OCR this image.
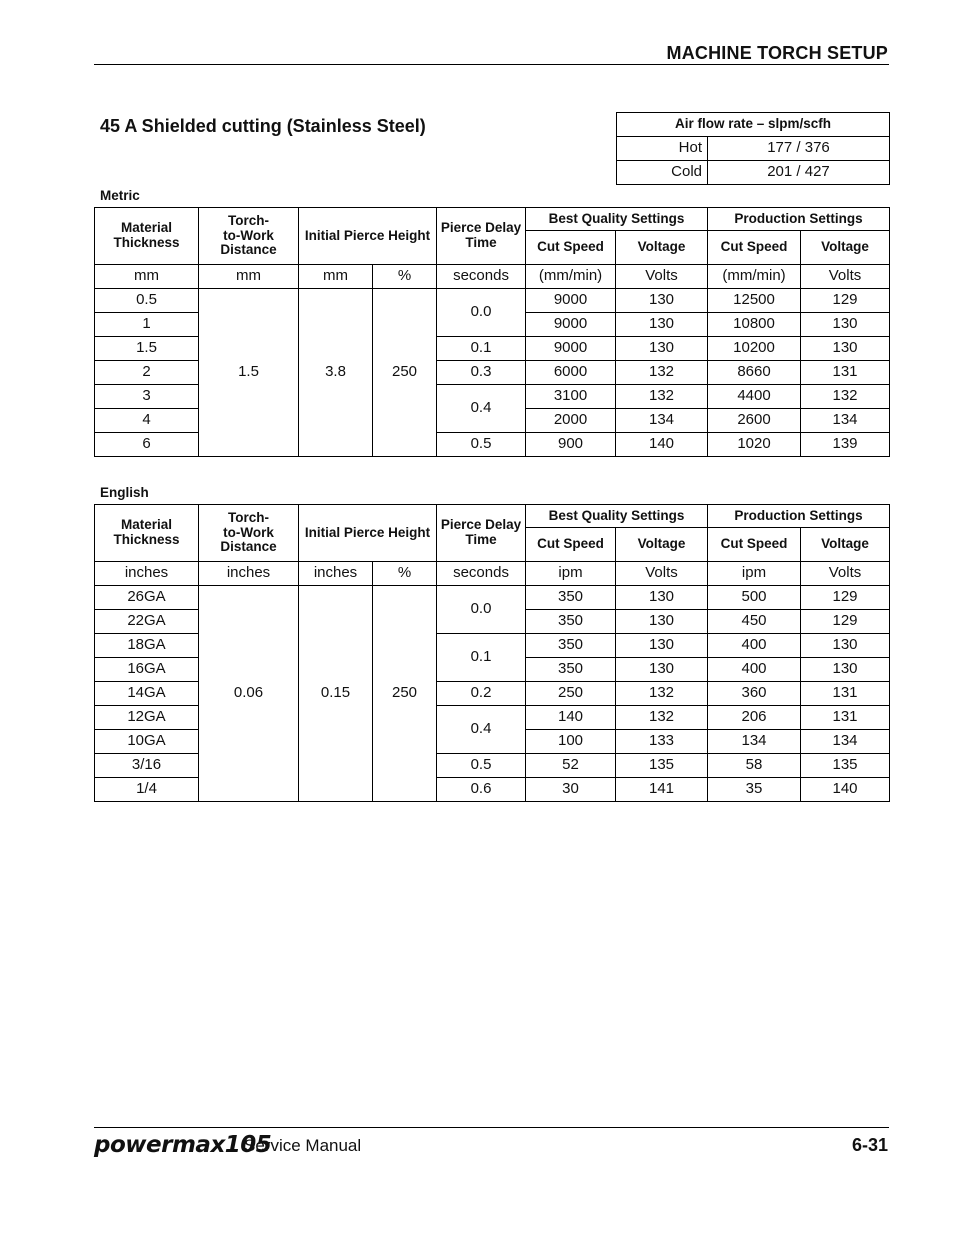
MACHINE TORCH SETUP
45 A Shielded cutting (Stainless Steel)	Air flow rate – slpm/scfh	
Hot	177 / 376
Cold	201 / 427
Metric
Material Thickness	Torch-
to-Work
Distance	Initial Pierce Height		Pierce Delay Time	Best Quality Settings		Production Settings	
					Cut Speed	Voltage	Cut Speed	Voltage
mm	mm	mm	%	seconds	(mm/min)	Volts	(mm/min)	Volts
0.5	1.5	3.8	250	0.0	9000	130	12500	129
1					9000	130	10800	130
1.5				0.1	9000	130	10200	130
2				0.3	6000	132	8660	131
3				0.4	3100	132	4400	132
4					2000	134	2600	134
6				0.5	900	140	1020	139
English
Material Thickness	Torch-
to-Work
Distance	Initial Pierce Height		Pierce Delay Time	Best Quality Settings		Production Settings	
					Cut Speed	Voltage	Cut Speed	Voltage
inches	inches	inches	%	seconds	ipm	Volts	ipm	Volts
26GA	0.06	0.15	250	0.0	350	130	500	129
22GA					350	130	450	129
18GA				0.1	350	130	400	130
16GA					350	130	400	130
14GA				0.2	250	132	360	131
12GA				0.4	140	132	206	131
10GA					100	133	134	134
3/16				0.5	52	135	58	135
1/4				0.6	30	141	35	140
powermax105
Service Manual	6-31
